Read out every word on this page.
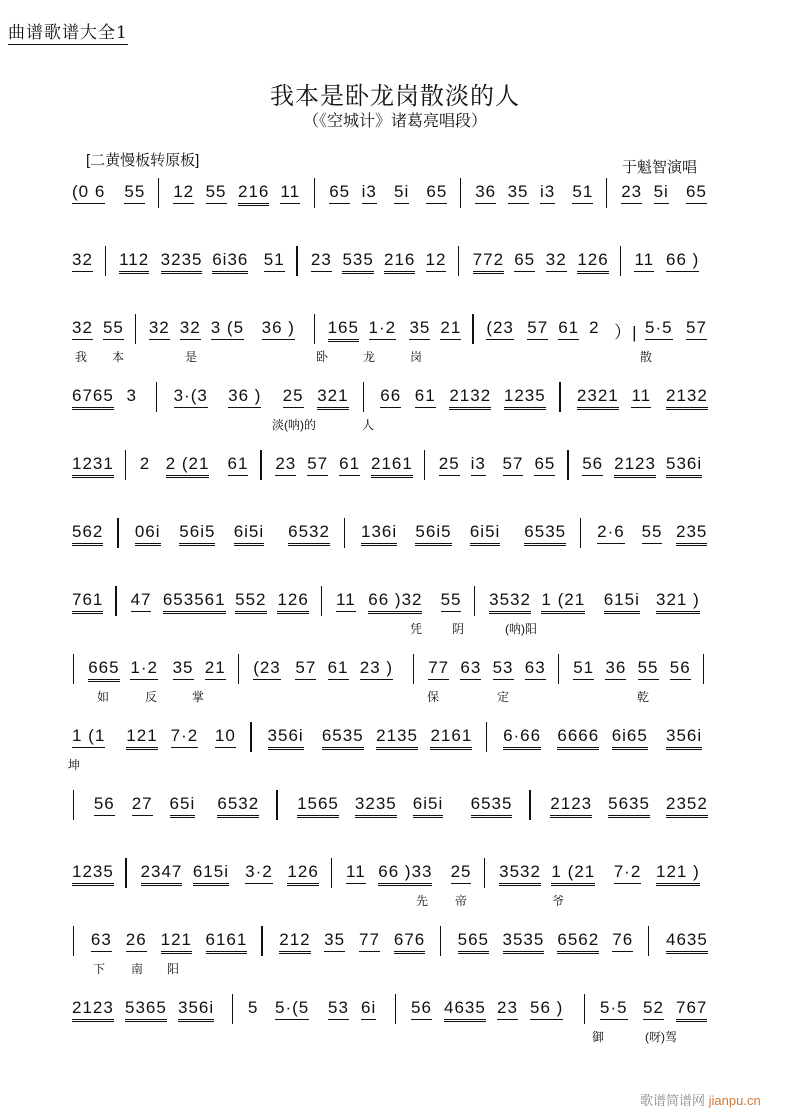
曲谱歌谱大全1
我本是卧龙岗散淡的人
（《空城计》诸葛亮唱段）
[二黄慢板转原板]	于魁智演唱
(0 6 55 12 55 216 11 65 i3 5i 65 36 35 i3 51 23 5i 65
32 112 3235 6i36 51 23 535 216 12 772 65 32 126 11 66 )
32 55 32 32 3 (5 36 ) 165 1·2 35 21 (23 57 61 2 ）| 5·5 57
我 本	是	卧	龙	岗	散
6765 3 3·(3 36 ) 25 321 66 61 2132 1235 2321 11 2132
淡(呐)的	人
1231 2 2 (21 61 23 57 61 2161 25 i3 57 65 56 2123 536i
562 06i 56i5 6i5i 6532 136i 56i5 6i5i 6535 2·6 55 235
761 47 653561 552 126 11 66 )32 55 3532 1 (21 615i 321 )
凭 阴	(呐)阳
665 1·2 35 21 (23 57 61 23 ) 77 63 53 63 51 36 55 56
如	反	掌	保	定	乾
1 (1 121 7·2 10 356i 6535 2135 2161 6·66 6666 6i65 356i
坤
56 27 65i 6532 1565 3235 6i5i 6535 2123 5635 2352
1235 2347 615i 3·2 126 11 66 )33 25 3532 1 (21 7·2 121 )
先 帝	爷
63 26 121 6161 212 35 77 676 565 3535 6562 76 4635
下 南 阳
2123 5365 356i 5 5·(5 53 6i 56 4635 23 56 ) 5·5 52 767
御	(呀)驾
歌谱简谱网 jianpu.cn
